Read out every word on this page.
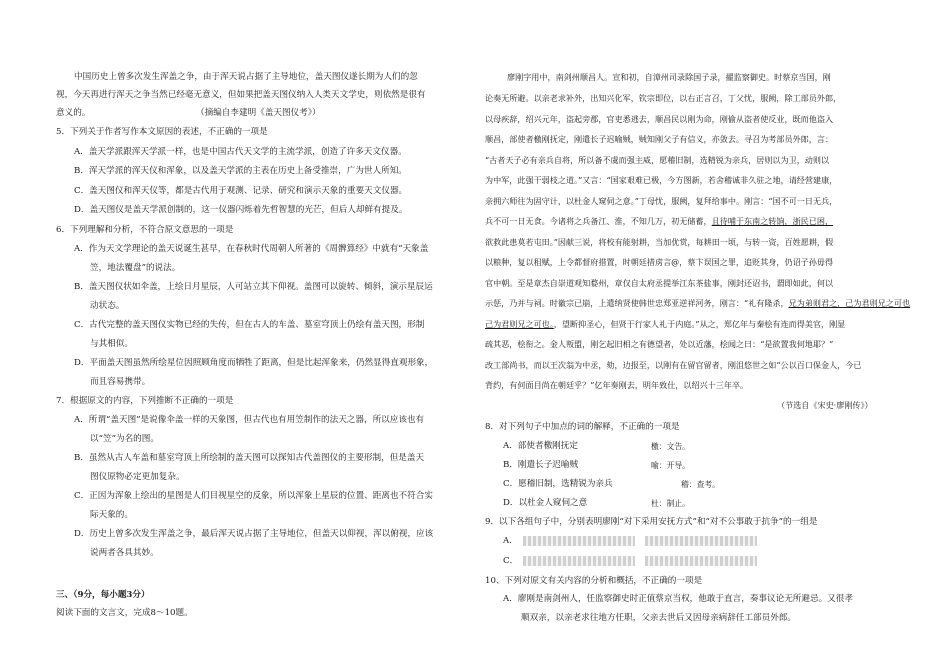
中国历史上曾多次发生浑盖之争，由于浑天说占据了主导地位，盖天图仪遂长期为人们的忽
视，今天再进行浑天之争当然已经毫无意义，但如果把盖天图仪纳入人类天文学史，则依然是很有
意义的。	（摘编自李建明《盖天图仪考》）
5．下列关于作者写作本文原因的表述，不正确的一项是
A．盖天学派跟浑天学派一样，也是中国古代天文学的主流学派，创造了许多天文仪器。
B．浑天学派的浑天仪和浑象，以及盖天学派的主表在历史上备受推崇，广为世人所知。
C．盖天图仪和浑天仪等，都是古代用于观测、记录、研究和演示天象的重要天文仪器。
D．盖天图仪是盖天学派创制的，这一仪器闪烁着先哲智慧的光芒，但后人却鲜有提及。
6．下列理解和分析，不符合原文意思的一项是
A．作为天文学理论的盖天说诞生甚早，在春秋时代周朝人所著的《周髀算经》中就有“天象盖
笠，地法覆盘”的说法。
B．盖天图仪状如伞盖，上绘日月星辰，人可站立其下仰视。盖图可以旋转、倾斜，演示星辰运
动状态。
C．古代完整的盖天图仪实物已经的失传，但在古人的车盖、墓室穹顶上仍绘有盖天图，形制
与其相似。
D．平面盖天图虽然所绘星位因照顾角度而牺牲了距离，但是比起浑象来，仍然显得直观形象，
而且容易携带。
7．根据原文的内容，下列推断不正确的一项是
A．所谓“盖天图”是说像伞盖一样的天象图，但古代也有用笠制作的法天之器，所以应该也有
以“笠”为名的图。
B．虽然从古人车盖和墓室穹顶上所绘制的盖天图可以探知古代盖图仪的主要形制，但是盖天
图仪原物必定更加复杂。
C．正因为浑象上绘出的星图是人们目视星空的反象，所以浑象上星辰的位置、距离也不符合实
际天象的。
D．历史上曾多次发生浑盖之争，最后浑天说占据了主导地位，但盖天以仰视，浑以俯视，应该
说两者各具其妙。
三、（9分，每小题3分）
阅读下面的文言文，完成8～10题。
廖刚字用中，南剑州顺昌人。宣和初，自漳州司录除国子录，擢监察御史。时蔡京当国，刚
论奏无所避。以亲老求补外，出知兴化军，钦宗即位，以右正言召，丁父忧，服阙，除工部员外郎，
以母疾辞，绍兴元年，盗起旁郡，官吏悉逃去，顺昌民以刚为命，刚偷从盗者使反业，既而他盗入
顺昌，部使者檄刚抚定，刚遣长子迟喻贼，贼知刚父子有信义，亦敛去。寻召为考部员外郎，言：
“古者天子必有亲兵自将，所以备不虞而强主威，愿稽旧制，选精锐为亲兵，居则以为卫，动则以
为中军，此强干弱枝之道。”又言：“国家艰难已极，今方图新，若舍稽诚非久驻之地，请经营建康，
亲拥六师往为固守计，以杜金人窥伺之意。”丁母忧，服阙，复拜给事中。刚言：“国不可一日无兵，
兵不可一日无食。今诸将之兵备江、淮，不知几万，初无储蓄，且待哺于东南之转饷，浙民已困，
欲救此患莫若屯田。”因献三说，将校有能射耕，当加优赏，每耕田一顷，与转一资，百姓愿耕，假
以粮种，复以租赋，上令都督府措置，时朝廷措虏言@，蔡卞误国之罪，追贬其身，仍诏子孙毋得
官中朝。至是章杰自崇道观知婺州，章仅自太府丞提举江东茶盐事，刚封还诏书，谓即如此，何以
示惩，乃并与祠。时徽宗已崩，上遣纳贤使韩世忠郑亚逆祥河务，刚言：“礼有隆杀，兄为弟则君之，己为君则兄之可也
己为君则兄之可也。，望断抑圣心，但贤于行家人礼于内庭。”从之，郑亿年与秦桧有连而得美官，刚显
疏其恶，桧衔之。金人叛盟，刚乞起旧相之有德望者，处以近藩，桧闻之曰：“是欲置我何地耶？”
改工部尚书，而以王次翁为中丞，劾，边报至，以刚有在留官留者，刚沮悠世之如“公以百口保金人，今已
背约，有何面目尚在朝廷乎？”亿年奏刚去，明年致仕，以绍兴十三年卒。
（节选自《宋史·廖刚传》）
8．对下列句子中加点的词的解释，不正确的一项是
A．部使者檄刚抚定	檄：文告。
B．刚遣长子迟喻贼	喻：开导。
C．愿稽旧制，选精锐为亲兵	稽：查考。
D．以杜金人窥伺之意	杜：制止。
9．以下各组句子中，分别表明廖刚“对下采用安抚方式”和“对不公事敢于抗争”的一组是
A．
C．
10、下列对原文有关内容的分析和概括，不正确的一项是
A．廖刚是南剑州人，任监察御史时正值蔡京当权，他敢于直言，奏事议论无所避忌。又很孝
顺双亲，以亲老求往地方任职，父亲去世后又因母亲病辞任工部员外郎。
